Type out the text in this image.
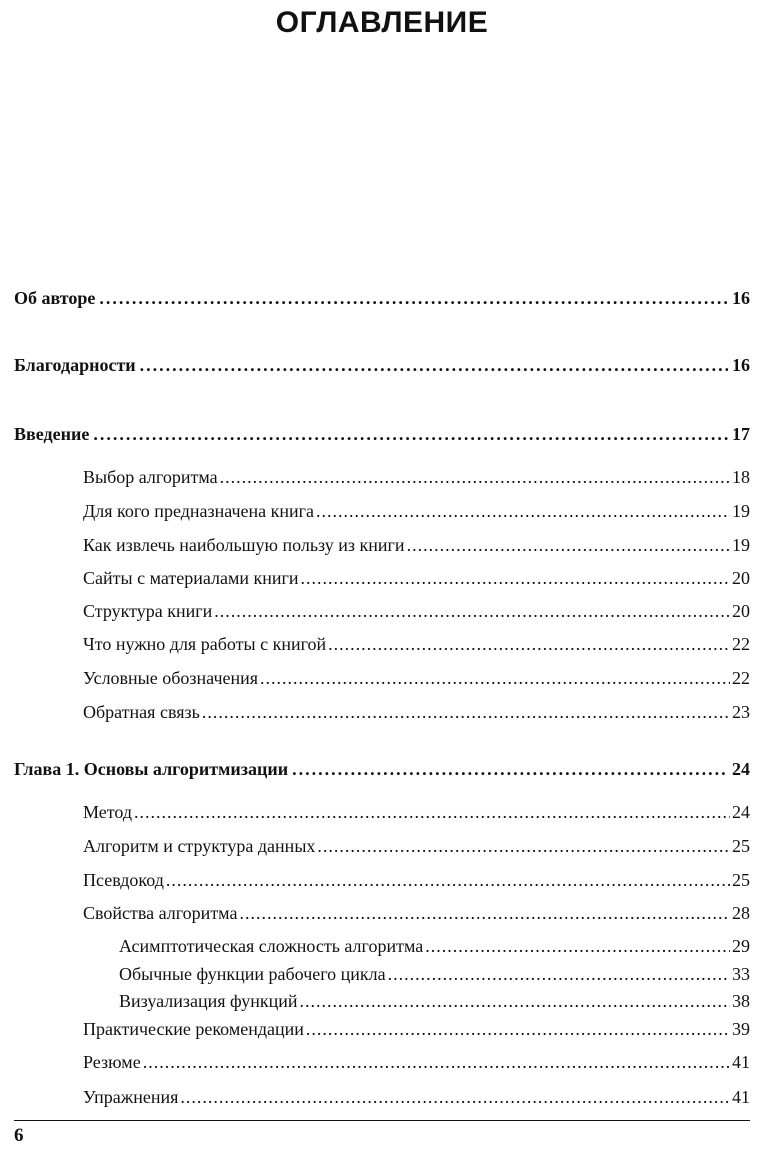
ОГЛАВЛЕНИЕ
Об авторе .....	16
Благодарности .....	16
Введение .....	17
Выбор алгоритма .....	18
Для кого предназначена книга .....	19
Как извлечь наибольшую пользу из книги .....	19
Сайты с материалами книги .....	20
Структура книги .....	20
Что нужно для работы с книгой .....	22
Условные обозначения .....	22
Обратная связь .....	23
Глава 1. Основы алгоритмизации .....	24
Метод .....	24
Алгоритм и структура данных .....	25
Псевдокод .....	25
Свойства алгоритма .....	28
Асимптотическая сложность алгоритма .....	29
Обычные функции рабочего цикла .....	33
Визуализация функций .....	38
Практические рекомендации .....	39
Резюме .....	41
Упражнения .....	41
6
